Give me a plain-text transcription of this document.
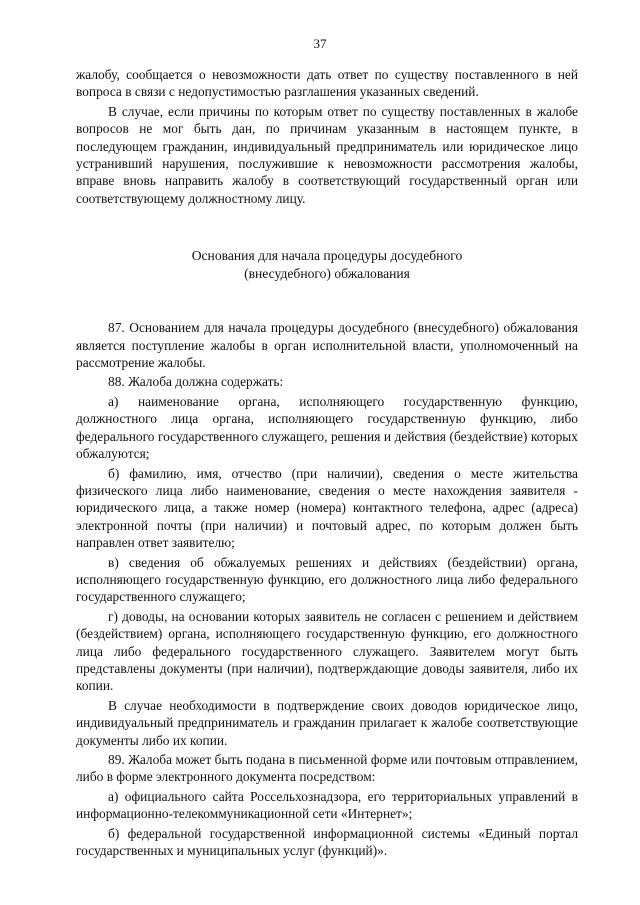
37

жалобу, сообщается о невозможности дать ответ по существу поставленного в ней вопроса в связи с недопустимостью разглашения указанных сведений.

В случае, если причины по которым ответ по существу поставленных в жалобе вопросов не мог быть дан, по причинам указанным в настоящем пункте, в последующем гражданин, индивидуальный предприниматель или юридическое лицо устранивший нарушения, послужившие к невозможности рассмотрения жалобы, вправе вновь направить жалобу в соответствующий государственный орган или соответствующему должностному лицу.

Основания для начала процедуры досудебного
(внесудебного) обжалования

87. Основанием для начала процедуры досудебного (внесудебного) обжалования является поступление жалобы в орган исполнительной власти, уполномоченный на рассмотрение жалобы.

88. Жалоба должна содержать:

а) наименование органа, исполняющего государственную функцию, должностного лица органа, исполняющего государственную функцию, либо федерального государственного служащего, решения и действия (бездействие) которых обжалуются;

б) фамилию, имя, отчество (при наличии), сведения о месте жительства физического лица либо наименование, сведения о месте нахождения заявителя - юридического лица, а также номер (номера) контактного телефона, адрес (адреса) электронной почты (при наличии) и почтовый адрес, по которым должен быть направлен ответ заявителю;

в) сведения об обжалуемых решениях и действиях (бездействии) органа, исполняющего государственную функцию, его должностного лица либо федерального государственного служащего;

г) доводы, на основании которых заявитель не согласен с решением и действием (бездействием) органа, исполняющего государственную функцию, его должностного лица либо федерального государственного служащего. Заявителем могут быть представлены документы (при наличии), подтверждающие доводы заявителя, либо их копии.

В случае необходимости в подтверждение своих доводов юридическое лицо, индивидуальный предприниматель и гражданин прилагает к жалобе соответствующие документы либо их копии.

89. Жалоба может быть подана в письменной форме или почтовым отправлением, либо в форме электронного документа посредством:

а) официального сайта Россельхознадзора, его территориальных управлений в информационно-телекоммуникационной сети «Интернет»;

б) федеральной государственной информационной системы «Единый портал государственных и муниципальных услуг (функций)».
